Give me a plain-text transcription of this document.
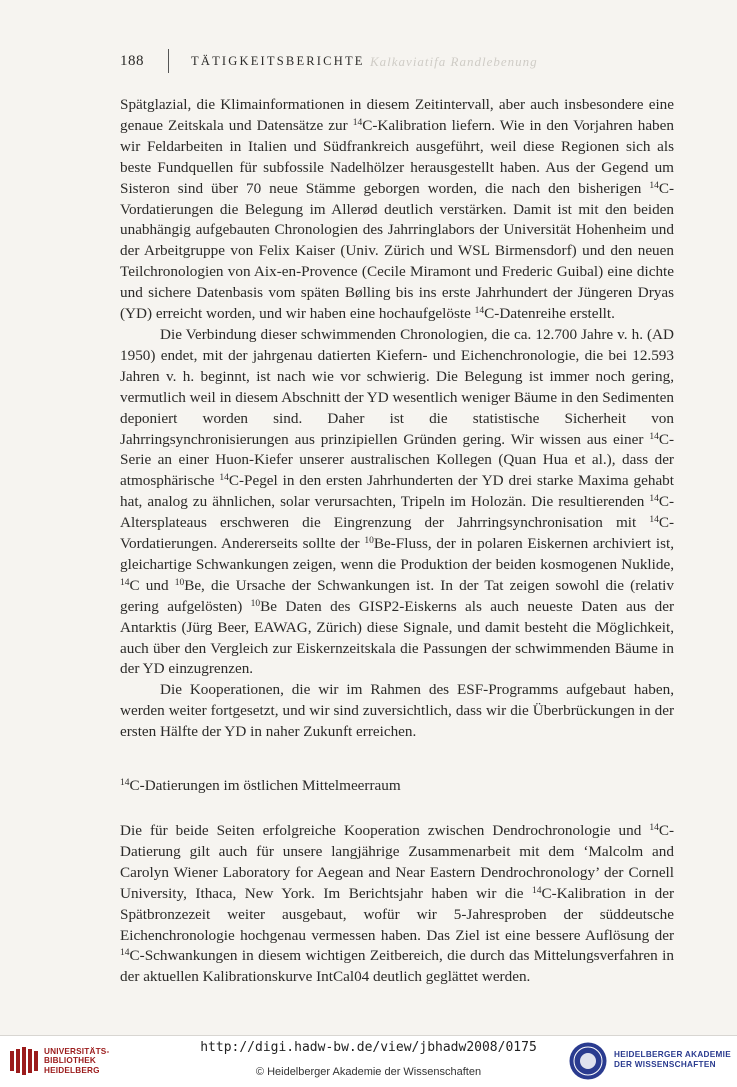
188	TÄTIGKEITSBERICHTE Kalkaviatifa Randlebenung

Spätglazial, die Klimainformationen in diesem Zeitintervall, aber auch insbesondere eine genaue Zeitskala und Datensätze zur $^{14}$C-Kalibration liefern. Wie in den Vorjahren haben wir Feldarbeiten in Italien und Südfrankreich ausgeführt, weil diese Regionen sich als beste Fundquellen für subfossile Nadelhölzer herausgestellt haben. Aus der Gegend um Sisteron sind über 70 neue Stämme geborgen worden, die nach den bisherigen $^{14}$C-Vordatierungen die Belegung im Allerød deutlich verstärken. Damit ist mit den beiden unabhängig aufgebauten Chronologien des Jahrringlabors der Universität Hohenheim und der Arbeitgruppe von Felix Kaiser (Univ. Zürich und WSL Birmensdorf) und den neuen Teilchronologien von Aix-en-Provence (Cecile Miramont und Frederic Guibal) eine dichte und sichere Datenbasis vom späten Bølling bis ins erste Jahrhundert der Jüngeren Dryas (YD) erreicht worden, und wir haben eine hochaufgelöste $^{14}$C-Datenreihe erstellt.

Die Verbindung dieser schwimmenden Chronologien, die ca. 12.700 Jahre v. h. (AD 1950) endet, mit der jahrgenau datierten Kiefern- und Eichenchronologie, die bei 12.593 Jahren v. h. beginnt, ist nach wie vor schwierig. Die Belegung ist immer noch gering, vermutlich weil in diesem Abschnitt der YD wesentlich weniger Bäume in den Sedimenten deponiert worden sind. Daher ist die statistische Sicherheit von Jahrringsynchronisierungen aus prinzipiellen Gründen gering. Wir wissen aus einer $^{14}$C-Serie an einer Huon-Kiefer unserer australischen Kollegen (Quan Hua et al.), dass der atmosphärische $^{14}$C-Pegel in den ersten Jahrhunderten der YD drei starke Maxima gehabt hat, analog zu ähnlichen, solar verursachten, Tripeln im Holozän. Die resultierenden $^{14}$C-Altersplateaus erschweren die Eingrenzung der Jahrringsynchronisation mit $^{14}$C-Vordatierungen. Andererseits sollte der $^{10}$Be-Fluss, der in polaren Eiskernen archiviert ist, gleichartige Schwankungen zeigen, wenn die Produktion der beiden kosmogenen Nuklide, $^{14}$C und $^{10}$Be, die Ursache der Schwankungen ist. In der Tat zeigen sowohl die (relativ gering aufgelösten) $^{10}$Be Daten des GISP2-Eiskerns als auch neueste Daten aus der Antarktis (Jürg Beer, EAWAG, Zürich) diese Signale, und damit besteht die Möglichkeit, auch über den Vergleich zur Eiskernzeitskala die Passungen der schwimmenden Bäume in der YD einzugrenzen.

Die Kooperationen, die wir im Rahmen des ESF-Programms aufgebaut haben, werden weiter fortgesetzt, und wir sind zuversichtlich, dass wir die Überbrückungen in der ersten Hälfte der YD in naher Zukunft erreichen.

$^{14}$C-Datierungen im östlichen Mittelmeerraum

Die für beide Seiten erfolgreiche Kooperation zwischen Dendrochronologie und $^{14}$C-Datierung gilt auch für unsere langjährige Zusammenarbeit mit dem ‘Malcolm and Carolyn Wiener Laboratory for Aegean and Near Eastern Dendrochronology’ der Cornell University, Ithaca, New York. Im Berichtsjahr haben wir die $^{14}$C-Kalibration in der Spätbronzezeit weiter ausgebaut, wofür wir 5-Jahresproben der süddeutsche Eichenchronologie hochgenau vermessen haben. Das Ziel ist eine bessere Auflösung der $^{14}$C-Schwankungen in diesem wichtigen Zeitbereich, die durch das Mittelungsverfahren in der aktuellen Kalibrationskurve IntCal04 deutlich geglättet werden.

UNIVERSITÄTS-
BIBLIOTHEK
HEIDELBERG
http://digi.hadw-bw.de/view/jbhadw2008/0175
© Heidelberger Akademie der Wissenschaften
HEIDELBERGER AKADEMIE
DER WISSENSCHAFTEN
